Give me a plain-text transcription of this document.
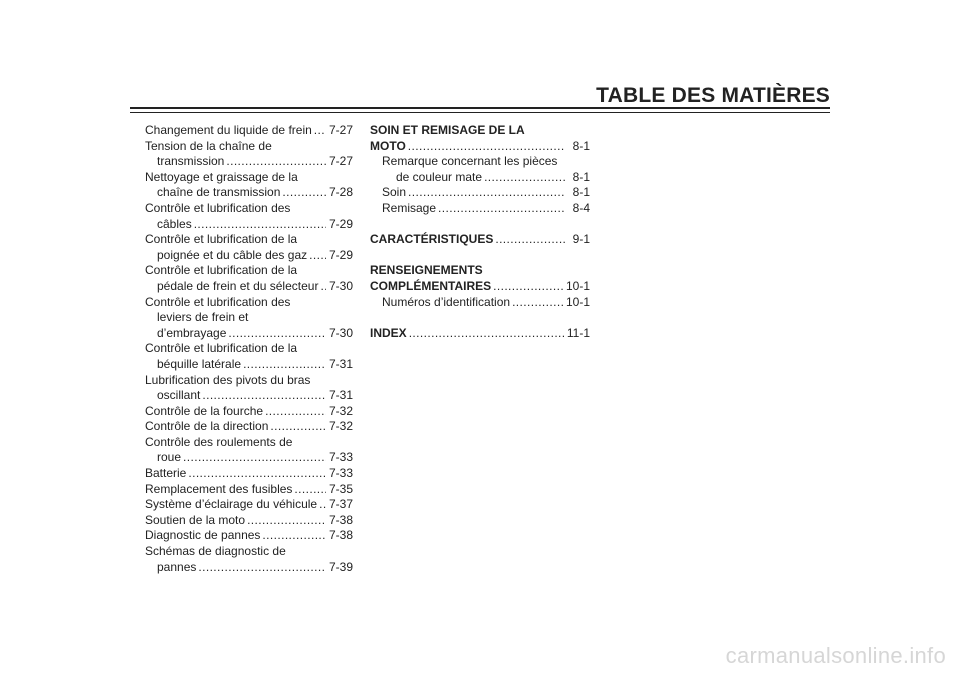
TABLE DES MATIÈRES
Changement du liquide de frein ..... 7-27
Tension de la chaîne de
transmission .....	7-27
Nettoyage et graissage de la
chaîne de transmission .....	7-28
Contrôle et lubrification des
câbles .....	7-29
Contrôle et lubrification de la
poignée et du câble des gaz ..... 7-29
Contrôle et lubrification de la
pédale de frein et du sélecteur ..... 7-30
Contrôle et lubrification des
leviers de frein et
d’embrayage .....	7-30
Contrôle et lubrification de la
béquille latérale .....	7-31
Lubrification des pivots du bras
oscillant .....	7-31
Contrôle de la fourche .....	7-32
Contrôle de la direction .....	7-32
Contrôle des roulements de
roue .....	7-33
Batterie .....	7-33
Remplacement des fusibles .....	7-35
Système d’éclairage du véhicule ..... 7-37
Soutien de la moto .....	7-38
Diagnostic de pannes .....	7-38
Schémas de diagnostic de
pannes .....	7-39
SOIN ET REMISAGE DE LA
MOTO .....	8-1
Remarque concernant les pièces
de couleur mate .....	8-1
Soin .....	8-1
Remisage .....	8-4
CARACTÉRISTIQUES .....	9-1
RENSEIGNEMENTS
COMPLÉMENTAIRES .....	10-1
Numéros d’identification .....	10-1
INDEX .....	11-1
carmanualsonline.info
